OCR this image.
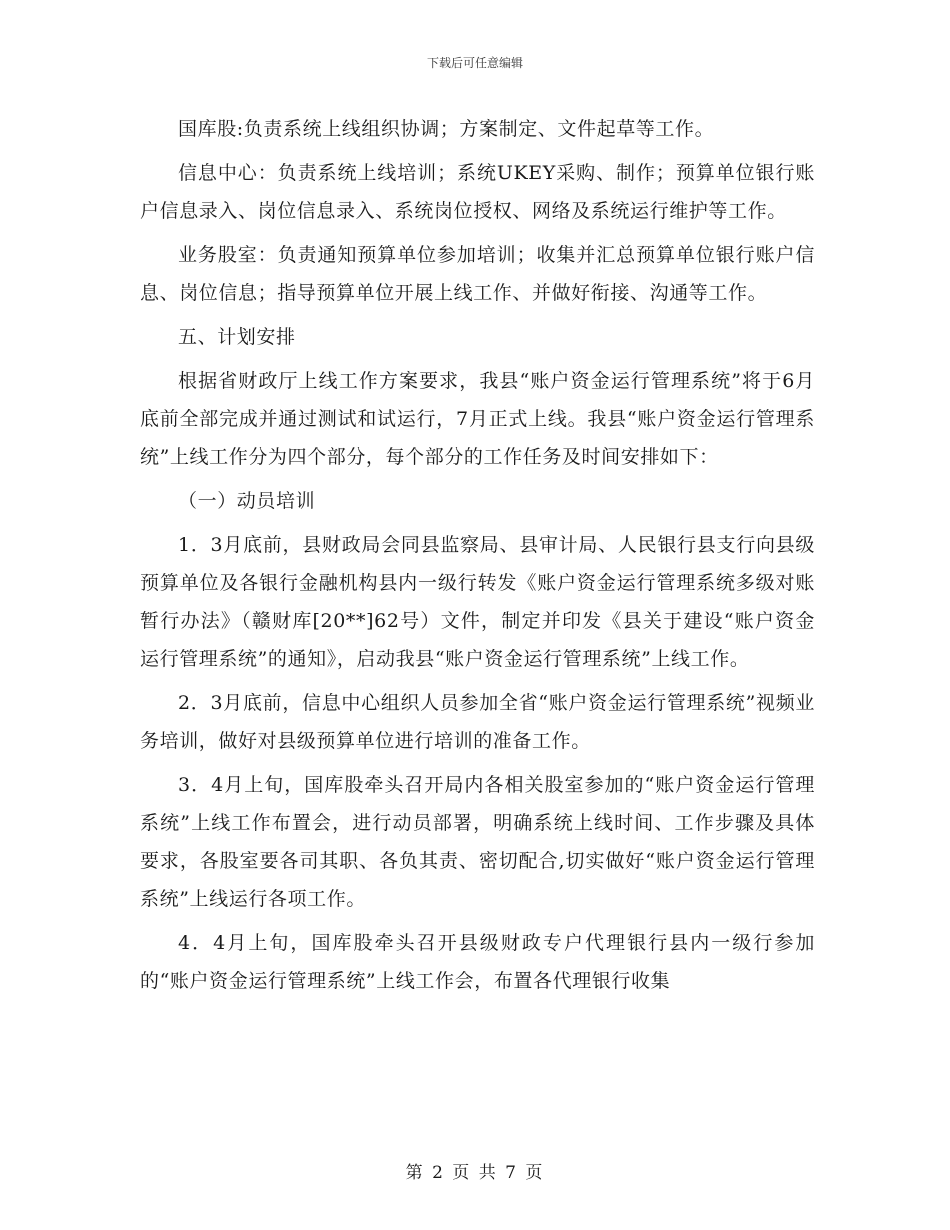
下载后可任意编辑

国库股:负责系统上线组织协调；方案制定、文件起草等工作。

信息中心：负责系统上线培训；系统UKEY采购、制作；预算单位银行账户信息录入、岗位信息录入、系统岗位授权、网络及系统运行维护等工作。

业务股室：负责通知预算单位参加培训；收集并汇总预算单位银行账户信息、岗位信息；指导预算单位开展上线工作、并做好衔接、沟通等工作。

五、计划安排

根据省财政厅上线工作方案要求，我县“账户资金运行管理系统”将于6月底前全部完成并通过测试和试运行，7月正式上线。我县“账户资金运行管理系统”上线工作分为四个部分，每个部分的工作任务及时间安排如下：

（一）动员培训

1．3月底前，县财政局会同县监察局、县审计局、人民银行县支行向县级预算单位及各银行金融机构县内一级行转发《账户资金运行管理系统多级对账暂行办法》（赣财库[20**]62号）文件，制定并印发《县关于建设“账户资金运行管理系统”的通知》，启动我县“账户资金运行管理系统”上线工作。

2．3月底前，信息中心组织人员参加全省“账户资金运行管理系统”视频业务培训，做好对县级预算单位进行培训的准备工作。

3．4月上旬，国库股牵头召开局内各相关股室参加的“账户资金运行管理系统”上线工作布置会，进行动员部署，明确系统上线时间、工作步骤及具体要求，各股室要各司其职、各负其责、密切配合,切实做好“账户资金运行管理系统”上线运行各项工作。

4．4月上旬，国库股牵头召开县级财政专户代理银行县内一级行参加的“账户资金运行管理系统”上线工作会，布置各代理银行收集

第 2 页 共 7 页
